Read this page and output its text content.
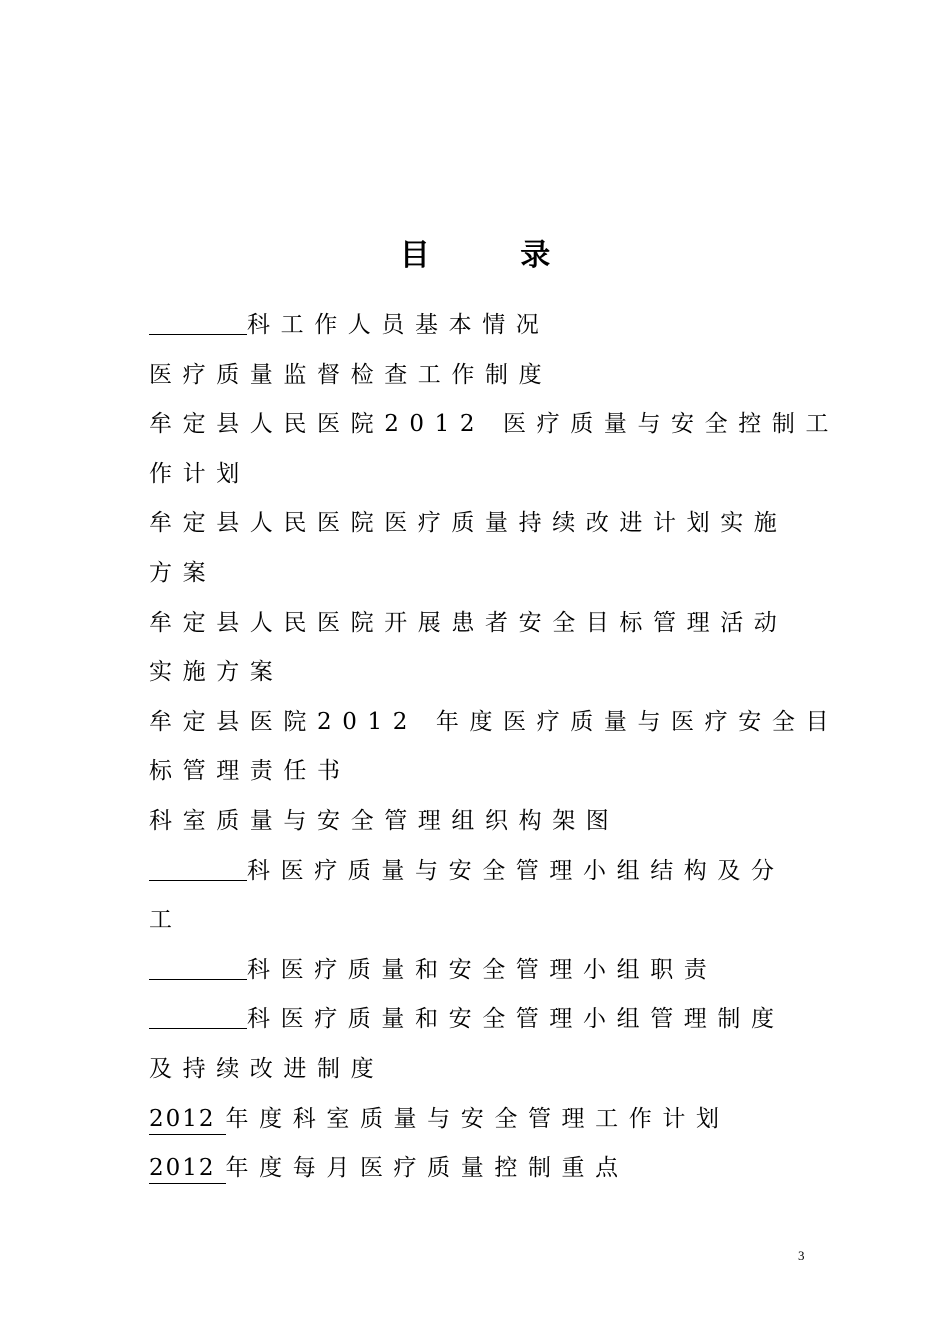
目 录
科工作人员基本情况
医疗质量监督检查工作制度
牟定县人民医院2012 医疗质量与安全控制工
作计划
牟定县人民医院医疗质量持续改进计划实施
方案
牟定县人民医院开展患者安全目标管理活动
实施方案
牟定县医院2012 年度医疗质量与医疗安全目
标管理责任书
科室质量与安全管理组织构架图
科医疗质量与安全管理小组结构及分
工
科医疗质量和安全管理小组职责
科医疗质量和安全管理小组管理制度
及持续改进制度
2012 年度科室质量与安全管理工作计划
2012 年度每月医疗质量控制重点
3
